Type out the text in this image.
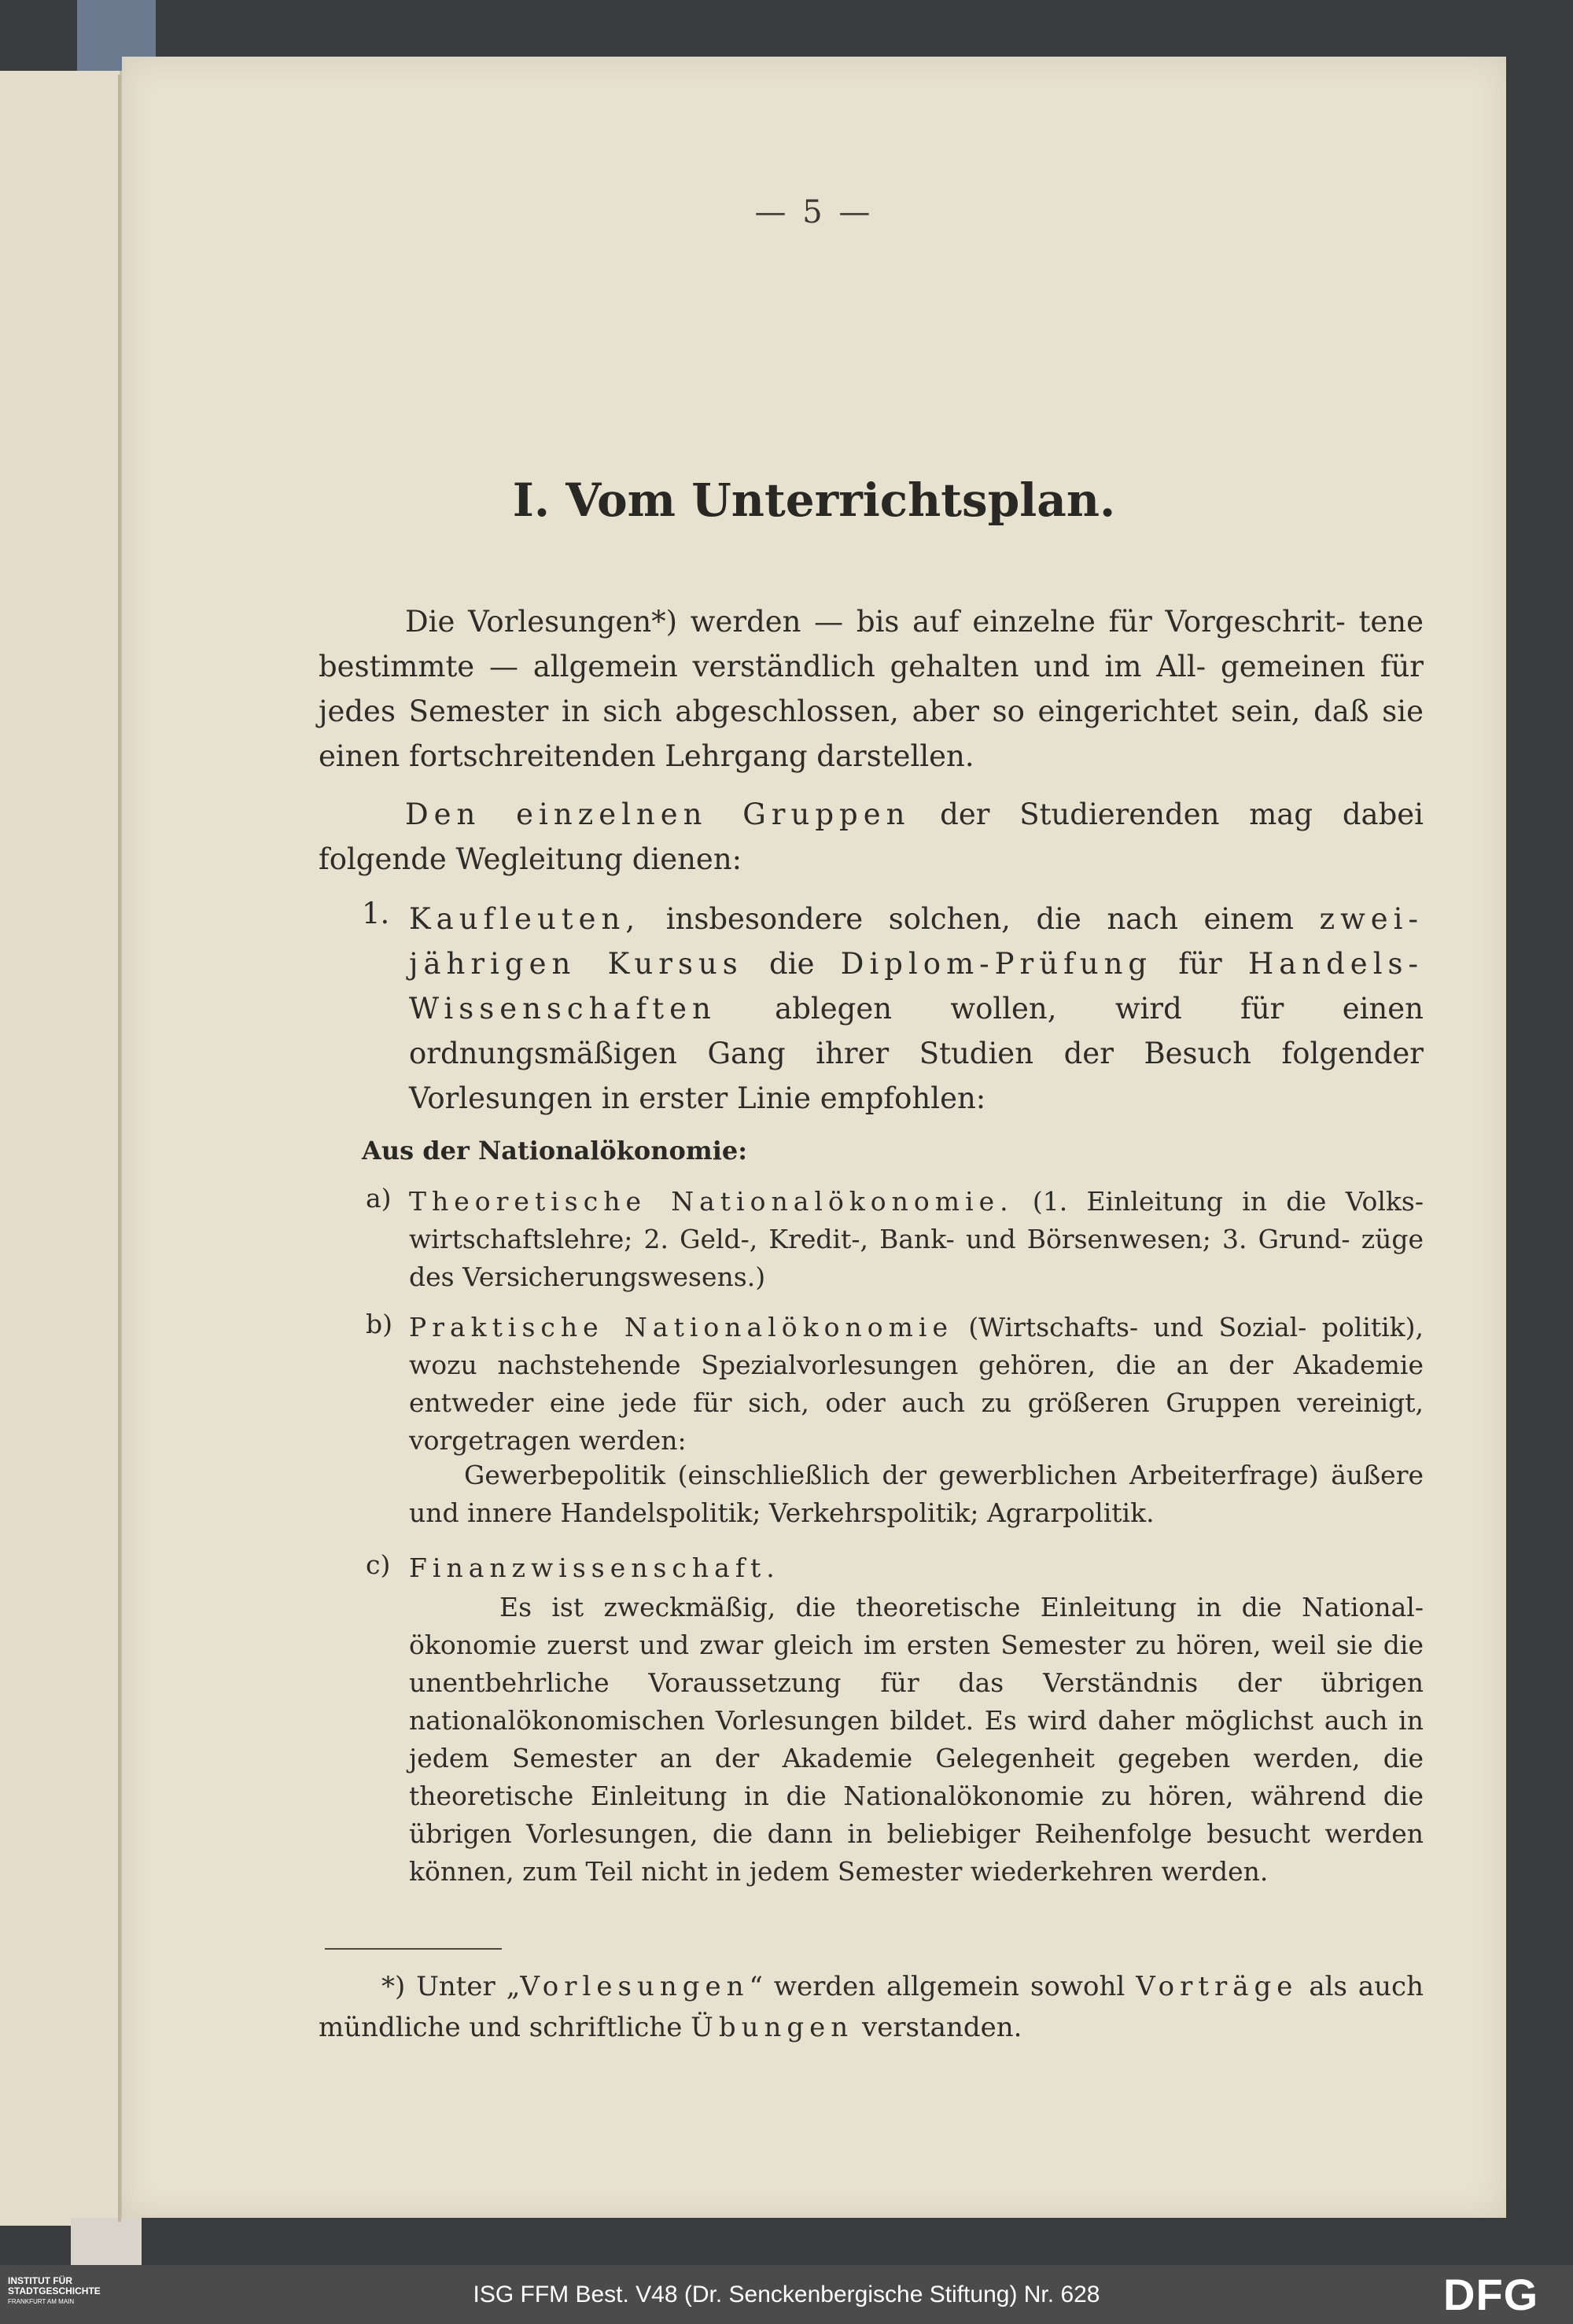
— 5 —
I. Vom Unterrichtsplan.

Die Vorlesungen*) werden — bis auf einzelne für Vorgeschrit- tene bestimmte — allgemein verständlich gehalten und im All- gemeinen für jedes Semester in sich abgeschlossen, aber so eingerichtet sein, daß sie einen fortschreitenden Lehrgang darstellen.

Den einzelnen Gruppen der Studierenden mag dabei folgende Wegleitung dienen:

1. Kaufleuten, insbesondere solchen, die nach einem zwei- jährigen Kursus die Diplom-Prüfung für Handels-Wissenschaften ablegen wollen, wird für einen ordnungsmäßigen Gang ihrer Studien der Besuch folgender Vorlesungen in erster Linie empfohlen:

Aus der Nationalökonomie:
a) Theoretische Nationalökonomie. (1. Einleitung in die Volks- wirtschaftslehre; 2. Geld-, Kredit-, Bank- und Börsenwesen; 3. Grund- züge des Versicherungswesens.)

b) Praktische Nationalökonomie (Wirtschafts- und Sozial- politik), wozu nachstehende Spezialvorlesungen gehören, die an der Akademie entweder eine jede für sich, oder auch zu größeren Gruppen vereinigt, vorgetragen werden:

Gewerbepolitik (einschließlich der gewerblichen Arbeiterfrage) äußere und innere Handelspolitik; Verkehrspolitik; Agrarpolitik.

c) Finanzwissenschaft.

Es ist zweckmäßig, die theoretische Einleitung in die National- ökonomie zuerst und zwar gleich im ersten Semester zu hören, weil sie die unentbehrliche Voraussetzung für das Verständnis der übrigen nationalökonomischen Vorlesungen bildet. Es wird daher möglichst auch in jedem Semester an der Akademie Gelegenheit gegeben werden, die theoretische Einleitung in die Nationalökonomie zu hören, während die übrigen Vorlesungen, die dann in beliebiger Reihenfolge besucht werden können, zum Teil nicht in jedem Semester wiederkehren werden.

*) Unter „Vorlesungen“ werden allgemein sowohl Vorträge als auch mündliche und schriftliche Übungen verstanden.

ISG FFM Best. V48 (Dr. Senckenbergische Stiftung) Nr. 628
INSTITUT FÜR
STADTGESCHICHTE
FRANKFURT AM MAIN	DFG
